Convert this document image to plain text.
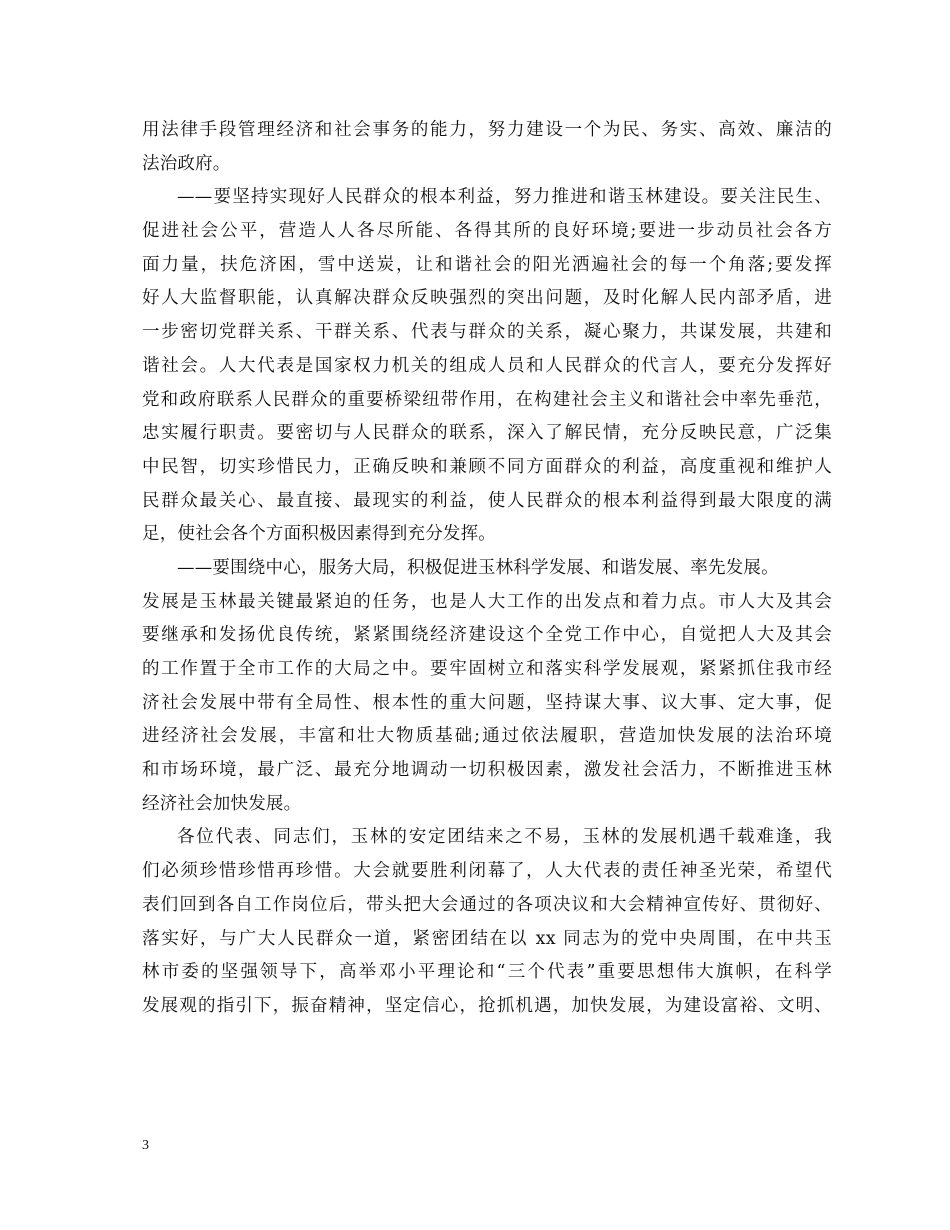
用法律手段管理经济和社会事务的能力，努力建设一个为民、务实、高效、廉洁的
法治政府。
——要坚持实现好人民群众的根本利益，努力推进和谐玉林建设。要关注民生、
促进社会公平，营造人人各尽所能、各得其所的良好环境;要进一步动员社会各方
面力量，扶危济困，雪中送炭，让和谐社会的阳光洒遍社会的每一个角落;要发挥
好人大监督职能，认真解决群众反映强烈的突出问题，及时化解人民内部矛盾，进
一步密切党群关系、干群关系、代表与群众的关系，凝心聚力，共谋发展，共建和
谐社会。人大代表是国家权力机关的组成人员和人民群众的代言人，要充分发挥好
党和政府联系人民群众的重要桥梁纽带作用，在构建社会主义和谐社会中率先垂范，
忠实履行职责。要密切与人民群众的联系，深入了解民情，充分反映民意，广泛集
中民智，切实珍惜民力，正确反映和兼顾不同方面群众的利益，高度重视和维护人
民群众最关心、最直接、最现实的利益，使人民群众的根本利益得到最大限度的满
足，使社会各个方面积极因素得到充分发挥。
——要围绕中心，服务大局，积极促进玉林科学发展、和谐发展、率先发展。
发展是玉林最关键最紧迫的任务，也是人大工作的出发点和着力点。市人大及其会
要继承和发扬优良传统，紧紧围绕经济建设这个全党工作中心，自觉把人大及其会
的工作置于全市工作的大局之中。要牢固树立和落实科学发展观，紧紧抓住我市经
济社会发展中带有全局性、根本性的重大问题，坚持谋大事、议大事、定大事，促
进经济社会发展，丰富和壮大物质基础;通过依法履职，营造加快发展的法治环境
和市场环境，最广泛、最充分地调动一切积极因素，激发社会活力，不断推进玉林
经济社会加快发展。
各位代表、同志们，玉林的安定团结来之不易，玉林的发展机遇千载难逢，我
们必须珍惜珍惜再珍惜。大会就要胜利闭幕了，人大代表的责任神圣光荣，希望代
表们回到各自工作岗位后，带头把大会通过的各项决议和大会精神宣传好、贯彻好、
落实好，与广大人民群众一道，紧密团结在以 xx 同志为的党中央周围，在中共玉
林市委的坚强领导下，高举邓小平理论和“三个代表”重要思想伟大旗帜，在科学
发展观的指引下，振奋精神，坚定信心，抢抓机遇，加快发展，为建设富裕、文明、
3
